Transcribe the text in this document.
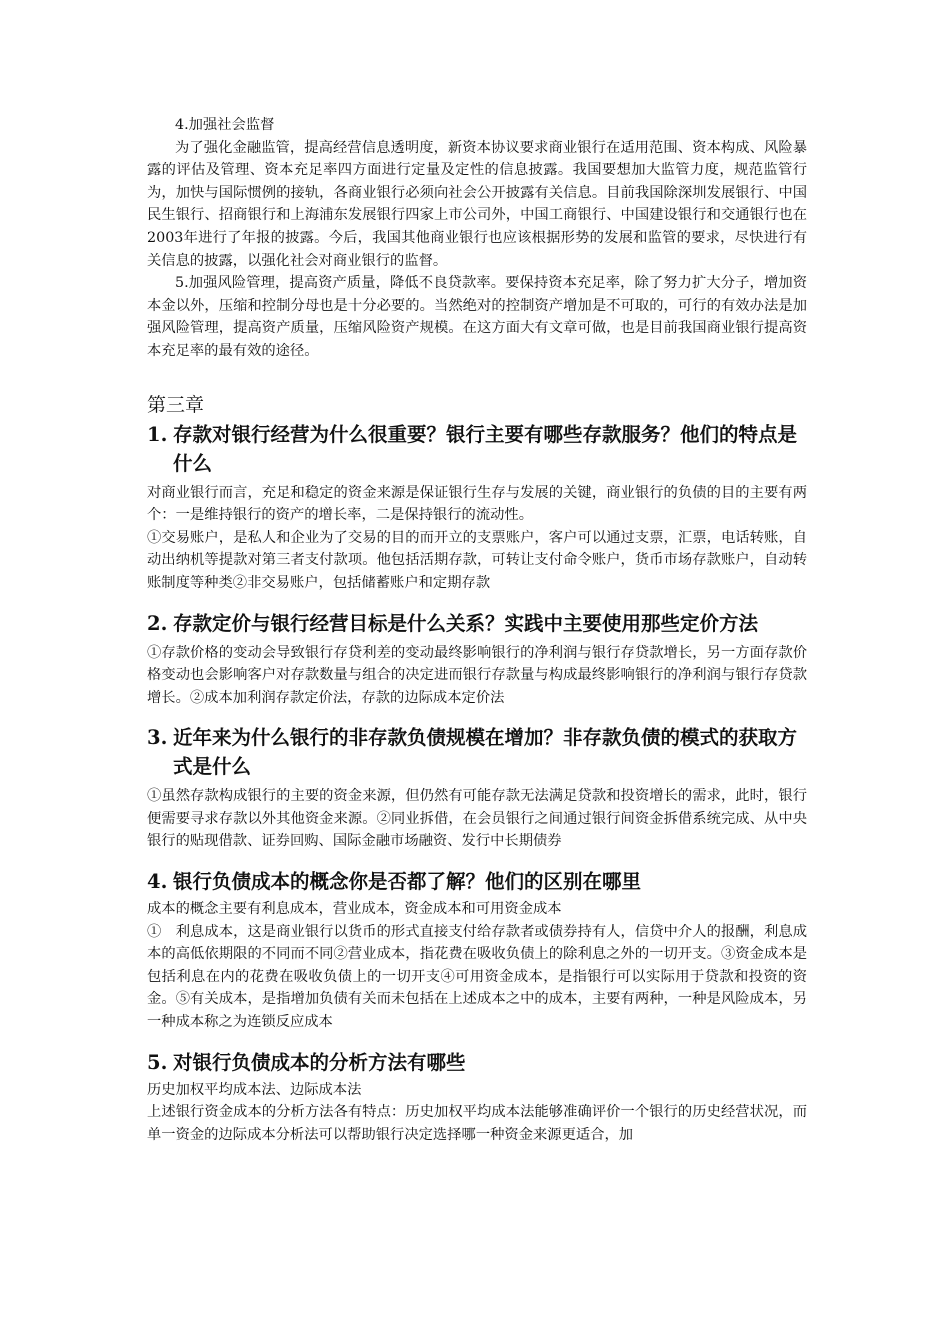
4.加强社会监督

为了强化金融监管，提高经营信息透明度，新资本协议要求商业银行在适用范围、资本构成、风险暴露的评估及管理、资本充足率四方面进行定量及定性的信息披露。我国要想加大监管力度，规范监管行为，加快与国际惯例的接轨，各商业银行必须向社会公开披露有关信息。目前我国除深圳发展银行、中国民生银行、招商银行和上海浦东发展银行四家上市公司外，中国工商银行、中国建设银行和交通银行也在2003年进行了年报的披露。今后，我国其他商业银行也应该根据形势的发展和监管的要求，尽快进行有关信息的披露，以强化社会对商业银行的监督。

5.加强风险管理，提高资产质量，降低不良贷款率。要保持资本充足率，除了努力扩大分子，增加资本金以外，压缩和控制分母也是十分必要的。当然绝对的控制资产增加是不可取的，可行的有效办法是加强风险管理，提高资产质量，压缩风险资产规模。在这方面大有文章可做，也是目前我国商业银行提高资本充足率的最有效的途径。

第三章

1. 存款对银行经营为什么很重要？银行主要有哪些存款服务？他们的特点是什么

对商业银行而言，充足和稳定的资金来源是保证银行生存与发展的关键，商业银行的负债的目的主要有两个：一是维持银行的资产的增长率，二是保持银行的流动性。

①交易账户，是私人和企业为了交易的目的而开立的支票账户，客户可以通过支票，汇票，电话转账，自动出纳机等提款对第三者支付款项。他包括活期存款，可转让支付命令账户，货币市场存款账户，自动转账制度等种类②非交易账户，包括储蓄账户和定期存款

2. 存款定价与银行经营目标是什么关系？实践中主要使用那些定价方法

①存款价格的变动会导致银行存贷利差的变动最终影响银行的净利润与银行存贷款增长，另一方面存款价格变动也会影响客户对存款数量与组合的决定进而银行存款量与构成最终影响银行的净利润与银行存贷款增长。②成本加利润存款定价法，存款的边际成本定价法

3. 近年来为什么银行的非存款负债规模在增加？非存款负债的模式的获取方式是什么

①虽然存款构成银行的主要的资金来源，但仍然有可能存款无法满足贷款和投资增长的需求，此时，银行便需要寻求存款以外其他资金来源。②同业拆借，在会员银行之间通过银行间资金拆借系统完成、从中央银行的贴现借款、证券回购、国际金融市场融资、发行中长期债券

4. 银行负债成本的概念你是否都了解？他们的区别在哪里

成本的概念主要有利息成本，营业成本，资金成本和可用资金成本

①　利息成本，这是商业银行以货币的形式直接支付给存款者或债券持有人，信贷中介人的报酬，利息成本的高低依期限的不同而不同②营业成本，指花费在吸收负债上的除利息之外的一切开支。③资金成本是包括利息在内的花费在吸收负债上的一切开支④可用资金成本，是指银行可以实际用于贷款和投资的资金。⑤有关成本，是指增加负债有关而未包括在上述成本之中的成本，主要有两种，一种是风险成本，另一种成本称之为连锁反应成本

5. 对银行负债成本的分析方法有哪些

历史加权平均成本法、边际成本法

上述银行资金成本的分析方法各有特点：历史加权平均成本法能够准确评价一个银行的历史经营状况，而单一资金的边际成本分析法可以帮助银行决定选择哪一种资金来源更适合，加
